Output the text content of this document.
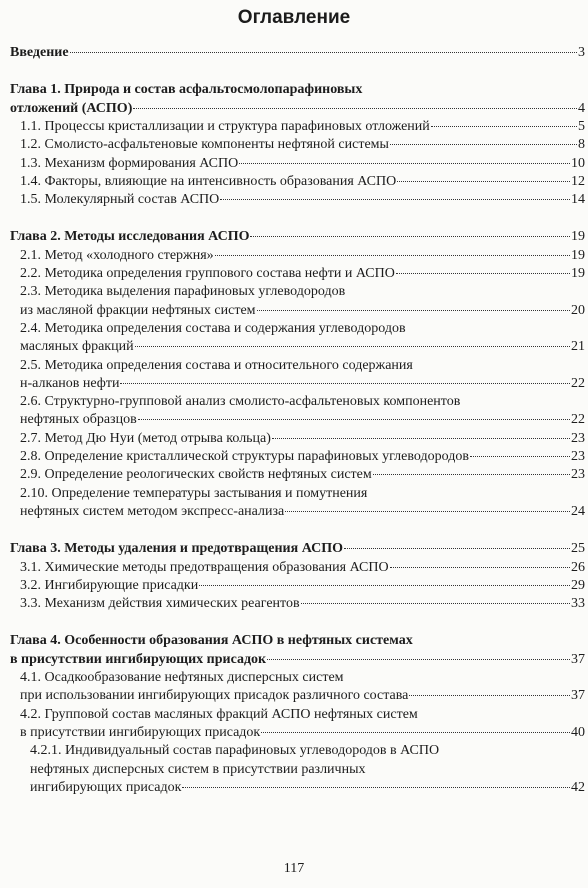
Оглавление
Введение	3
Глава 1. Природа и состав асфальтосмолопарафиновых
отложений (АСПО)	4
1.1. Процессы кристаллизации и структура парафиновых отложений	5
1.2. Смолисто-асфальтеновые компоненты нефтяной системы	8
1.3. Механизм формирования АСПО	10
1.4. Факторы, влияющие на интенсивность образования АСПО	12
1.5. Молекулярный состав АСПО	14
Глава 2. Методы исследования АСПО	19
2.1. Метод «холодного стержня»	19
2.2. Методика определения группового состава нефти и АСПО	19
2.3. Методика выделения парафиновых углеводородов
из масляной фракции нефтяных систем	20
2.4. Методика определения состава и содержания углеводородов
масляных фракций	21
2.5. Методика определения состава и относительного содержания
н-алканов нефти	22
2.6. Структурно-групповой анализ смолисто-асфальтеновых компонентов
нефтяных образцов	22
2.7. Метод Дю Нуи (метод отрыва кольца)	23
2.8. Определение кристаллической структуры парафиновых углеводородов	23
2.9. Определение реологических свойств нефтяных систем	23
2.10. Определение температуры застывания и помутнения
нефтяных систем методом экспресс-анализа	24
Глава 3. Методы удаления и предотвращения АСПО	25
3.1. Химические методы предотвращения образования АСПО	26
3.2. Ингибирующие присадки	29
3.3. Механизм действия химических реагентов	33
Глава 4. Особенности образования АСПО в нефтяных системах
в присутствии ингибирующих присадок	37
4.1. Осадкообразование нефтяных дисперсных систем
при использовании ингибирующих присадок различного состава	37
4.2. Групповой состав масляных фракций АСПО нефтяных систем
в присутствии ингибирующих присадок	40
4.2.1. Индивидуальный состав парафиновых углеводородов в АСПО
нефтяных дисперсных систем в присутствии различных
ингибирующих присадок	42
117
